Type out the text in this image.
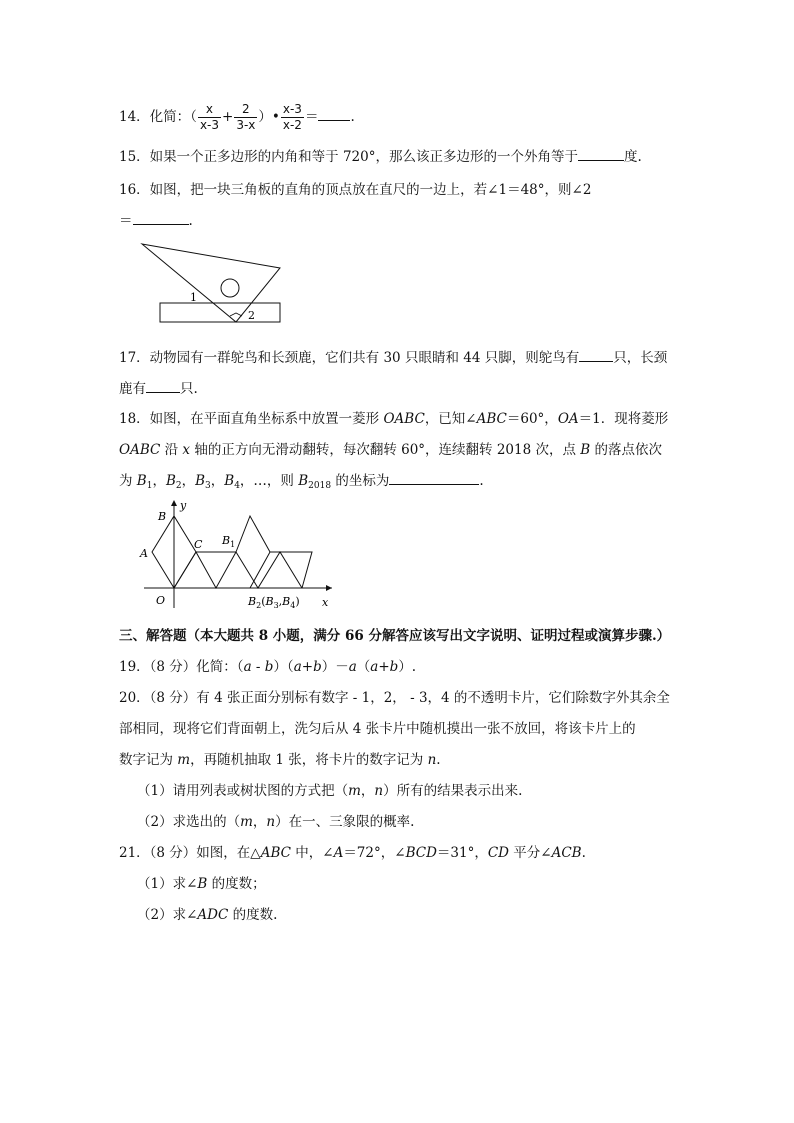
14．化简：（ $\frac{x}{x-3} + \frac{2}{3-x}$ ）• $\frac{x-3}{x-2}$ ＝ .
15．如果一个正多边形的内角和等于 720°，那么该正多边形的一个外角等于	度.
16．如图，把一块三角板的直角的顶点放在直尺的一边上，若∠1＝48°，则∠2
＝	.
1
2
17．动物园有一群鸵鸟和长颈鹿，它们共有 30 只眼睛和 44 只脚，则鸵鸟有	只，长颈
鹿有	只.
18．如图，在平面直角坐标系中放置一菱形 OABC，已知∠ABC＝60°，OA＝1．现将菱形
OABC 沿 x 轴的正方向无滑动翻转，每次翻转 60°，连续翻转 2018 次，点 B 的落点依次
为 $B_1$，$B_2$，$B_3$，$B_4$，…，则 $B_{2018}$ 的坐标为	.
y
x
O
A
B
C $B_1$
$B_2(B_3,B_4)$
三、解答题（本大题共 8 小题，满分 66 分解答应该写出文字说明、证明过程或演算步骤.）
19．（8 分）化简：（a - b）（a+b）－a（a+b）.
20．（8 分）有 4 张正面分别标有数字 - 1，2， - 3，4 的不透明卡片，它们除数字外其余全
部相同，现将它们背面朝上，洗匀后从 4 张卡片中随机摸出一张不放回，将该卡片上的
数字记为 m，再随机抽取 1 张，将卡片的数字记为 n.
（1）请用列表或树状图的方式把（m，n）所有的结果表示出来.
（2）求选出的（m，n）在一、三象限的概率.
21．（8 分）如图，在△ABC 中，∠A＝72°，∠BCD＝31°，CD 平分∠ACB.
（1）求∠B 的度数；
（2）求∠ADC 的度数.
